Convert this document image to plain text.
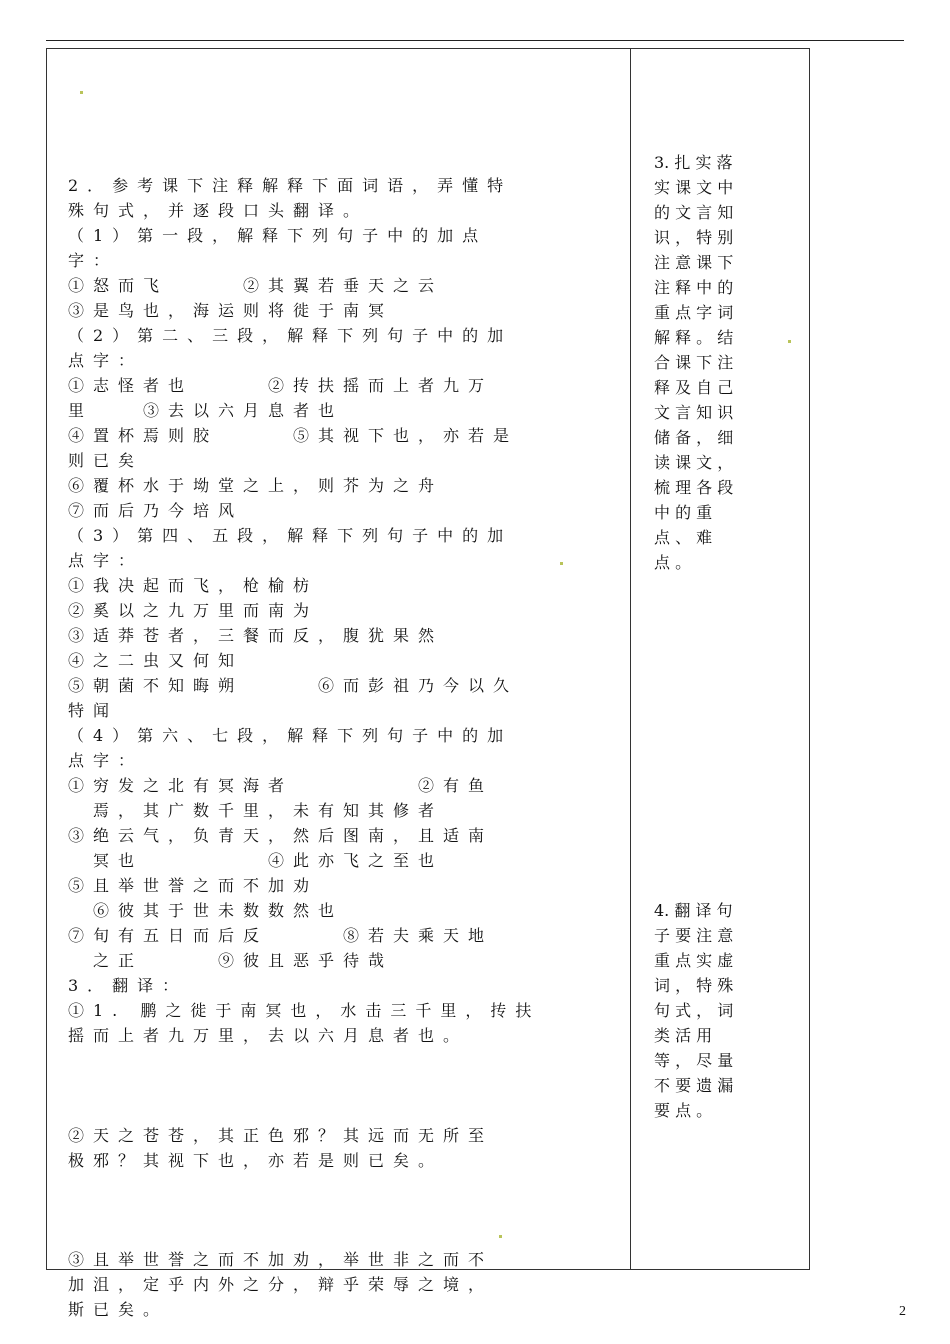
2．参考课下注释解释下面词语，弄懂特
殊句式，并逐段口头翻译。
（1）第一段，解释下列句子中的加点
字：
①怒而飞　　　②其翼若垂天之云
③是鸟也，海运则将徙于南冥
（2）第二、三段，解释下列句子中的加
点字：
①志怪者也　　　②抟扶摇而上者九万
里　　③去以六月息者也
④置杯焉则胶　　　⑤其视下也，亦若是
则已矣
⑥覆杯水于坳堂之上，则芥为之舟
⑦而后乃今培风
（3）第四、五段，解释下列句子中的加
点字：
①我决起而飞，枪榆枋
②奚以之九万里而南为
③适莽苍者，三餐而反，腹犹果然
④之二虫又何知
⑤朝菌不知晦朔　　　⑥而彭祖乃今以久
特闻
（4）第六、七段，解释下列句子中的加
点字：
①穷发之北有冥海者　　　　　②有鱼
　焉，其广数千里，未有知其修者
③绝云气，负青天，然后图南，且适南
　冥也　　　　　④此亦飞之至也
⑤且举世誉之而不加劝
　⑥彼其于世未数数然也
⑦旬有五日而后反　　　⑧若夫乘天地
　之正　　　⑨彼且恶乎待哉
3．翻译：
①1. 鹏之徙于南冥也，水击三千里，抟扶
摇而上者九万里，去以六月息者也。
②天之苍苍，其正色邪？其远而无所至
极邪？其视下也，亦若是则已矣。
③且举世誉之而不加劝，举世非之而不
加沮，定乎内外之分，辩乎荣辱之境，
斯已矣。
3. 扎 实 落
实 课 文 中
的 文 言 知
识 ， 特 别
注 意 课 下
注 释 中 的
重 点 字 词
解 释 。 结
合 课 下 注
释 及 自 己
文 言 知 识
储 备 ， 细
读 课 文 ，
梳 理 各 段
中 的 重
点 、 难
点 。
4. 翻 译 句
子 要 注 意
重 点 实 虚
词 ， 特 殊
句 式 ， 词
类 活 用
等 ， 尽 量
不 要 遗 漏
要 点 。
2
